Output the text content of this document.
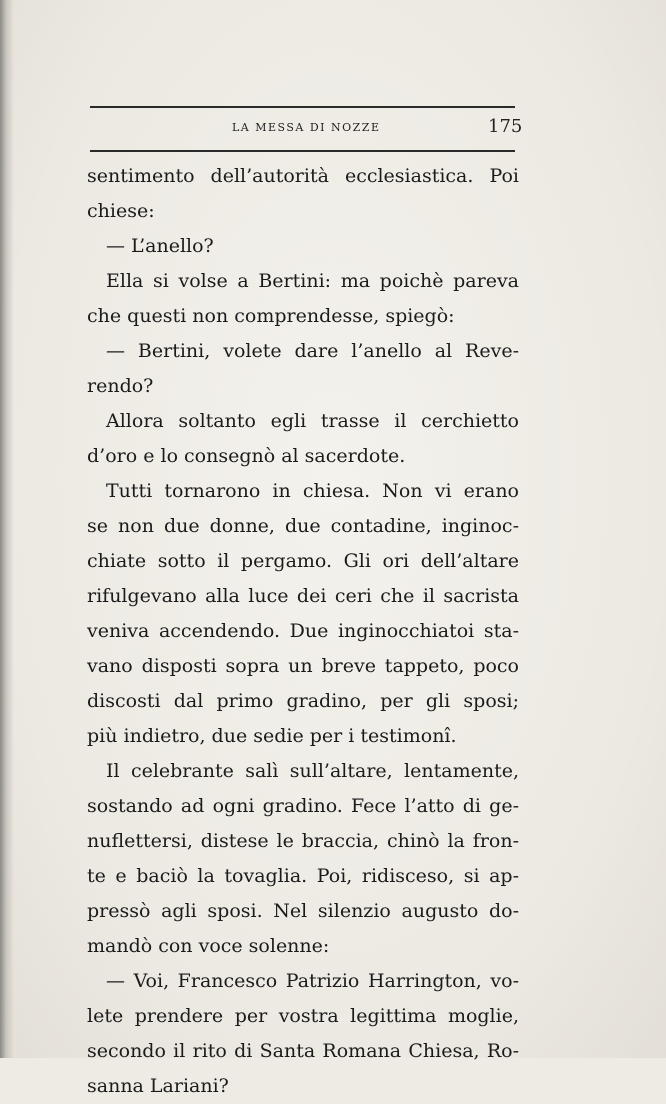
LA MESSA DI NOZZE	175
sentimento dell’autorità ecclesiastica. Poi
chiese:
— L’anello?
Ella si volse a Bertini: ma poichè pareva
che questi non comprendesse, spiegò:
— Bertini, volete dare l’anello al Reve-
rendo?
Allora soltanto egli trasse il cerchietto
d’oro e lo consegnò al sacerdote.
Tutti tornarono in chiesa. Non vi erano
se non due donne, due contadine, inginoc-
chiate sotto il pergamo. Gli ori dell’altare
rifulgevano alla luce dei ceri che il sacrista
veniva accendendo. Due inginocchiatoi sta-
vano disposti sopra un breve tappeto, poco
discosti dal primo gradino, per gli sposi;
più indietro, due sedie per i testimonî.
Il celebrante salì sull’altare, lentamente,
sostando ad ogni gradino. Fece l’atto di ge-
nuflettersi, distese le braccia, chinò la fron-
te e baciò la tovaglia. Poi, ridisceso, si ap-
pressò agli sposi. Nel silenzio augusto do-
mandò con voce solenne:
— Voi, Francesco Patrizio Harrington, vo-
lete prendere per vostra legittima moglie,
secondo il rito di Santa Romana Chiesa, Ro-
sanna Lariani?
